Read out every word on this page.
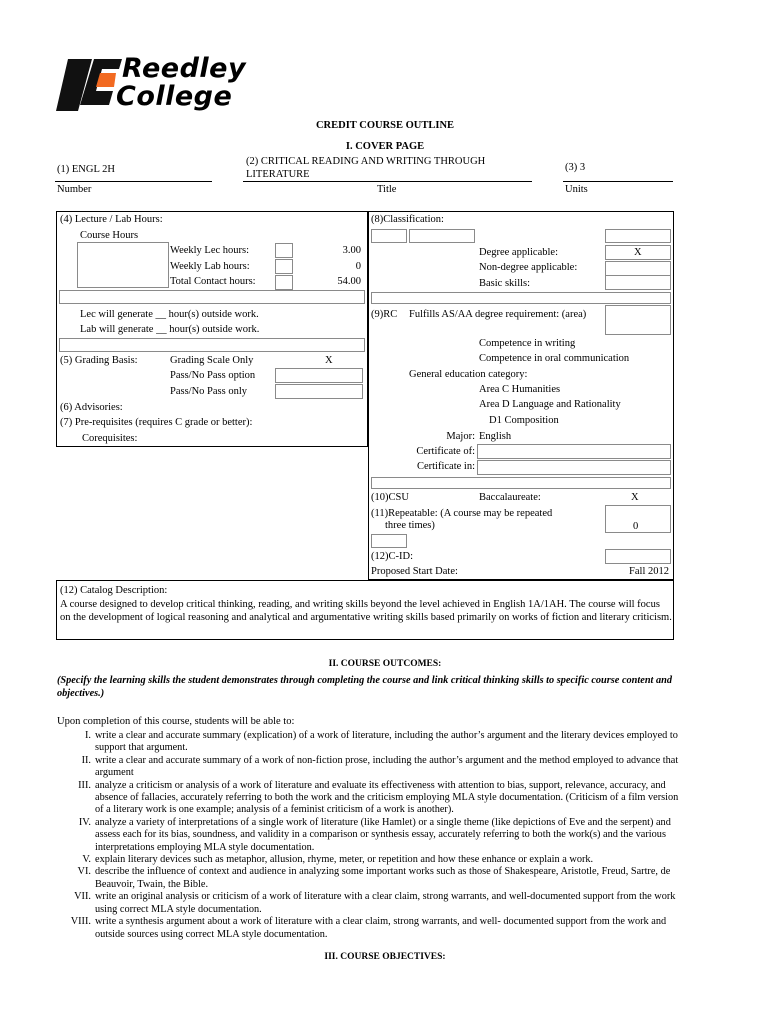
Reedley
College
CREDIT COURSE OUTLINE
I. COVER PAGE
(1) ENGL 2H
Number
(2) CRITICAL READING AND WRITING THROUGH
LITERATURE
Title
(3) 3
Units
(4) Lecture / Lab Hours:
Course Hours
Weekly Lec hours:	3.00
Weekly Lab hours:	0
Total Contact hours:	54.00
Lec will generate __ hour(s) outside work.
Lab will generate __ hour(s) outside work.
(5) Grading Basis:	Grading Scale Only	X
Pass/No Pass option
Pass/No Pass only
(6) Advisories:
(7) Pre-requisites (requires C grade or better):
Corequisites:
(8)Classification:
Degree applicable:	X
Non-degree applicable:
Basic skills:
(9)RC Fulfills AS/AA degree requirement: (area)
Competence in writing
Competence in oral communication
General education category:
Area C Humanities
Area D Language and Rationality
D1 Composition
Major: English
Certificate of:
Certificate in:
(10)CSU	Baccalaureate:	X
(11)Repeatable: (A course may be repeated
three times)	0
(12)C-ID:
Proposed Start Date:	Fall 2012
(12) Catalog Description:
A course designed to develop critical thinking, reading, and writing skills beyond the level achieved in English 1A/1AH. The course will focus on the development of logical reasoning and analytical and argumentative writing skills based primarily on works of fiction and literary criticism.
II. COURSE OUTCOMES:
(Specify the learning skills the student demonstrates through completing the course and link critical thinking skills to specific course content and objectives.)
Upon completion of this course, students will be able to:
I. write a clear and accurate summary (explication) of a work of literature, including the author’s argument and the literary devices employed to support that argument.
II. write a clear and accurate summary of a work of non-fiction prose, including the author’s argument and the method employed to advance that argument
III. analyze a criticism or analysis of a work of literature and evaluate its effectiveness with attention to bias, support, relevance, accuracy, and absence of fallacies, accurately referring to both the work and the criticism employing MLA style documentation. (Criticism of a film version of a literary work is one example; analysis of a feminist criticism of a work is another).
IV. analyze a variety of interpretations of a single work of literature (like Hamlet) or a single theme (like depictions of Eve and the serpent) and assess each for its bias, soundness, and validity in a comparison or synthesis essay, accurately referring to both the work(s) and the various interpretations employing MLA style documentation.
V. explain literary devices such as metaphor, allusion, rhyme, meter, or repetition and how these enhance or explain a work.
VI. describe the influence of context and audience in analyzing some important works such as those of Shakespeare, Aristotle, Freud, Sartre, de Beauvoir, Twain, the Bible.
VII. write an original analysis or criticism of a work of literature with a clear claim, strong warrants, and well-documented support from the work using correct MLA style documentation.
VIII. write a synthesis argument about a work of literature with a clear claim, strong warrants, and well- documented support from the work and outside sources using correct MLA style documentation.
III. COURSE OBJECTIVES:
